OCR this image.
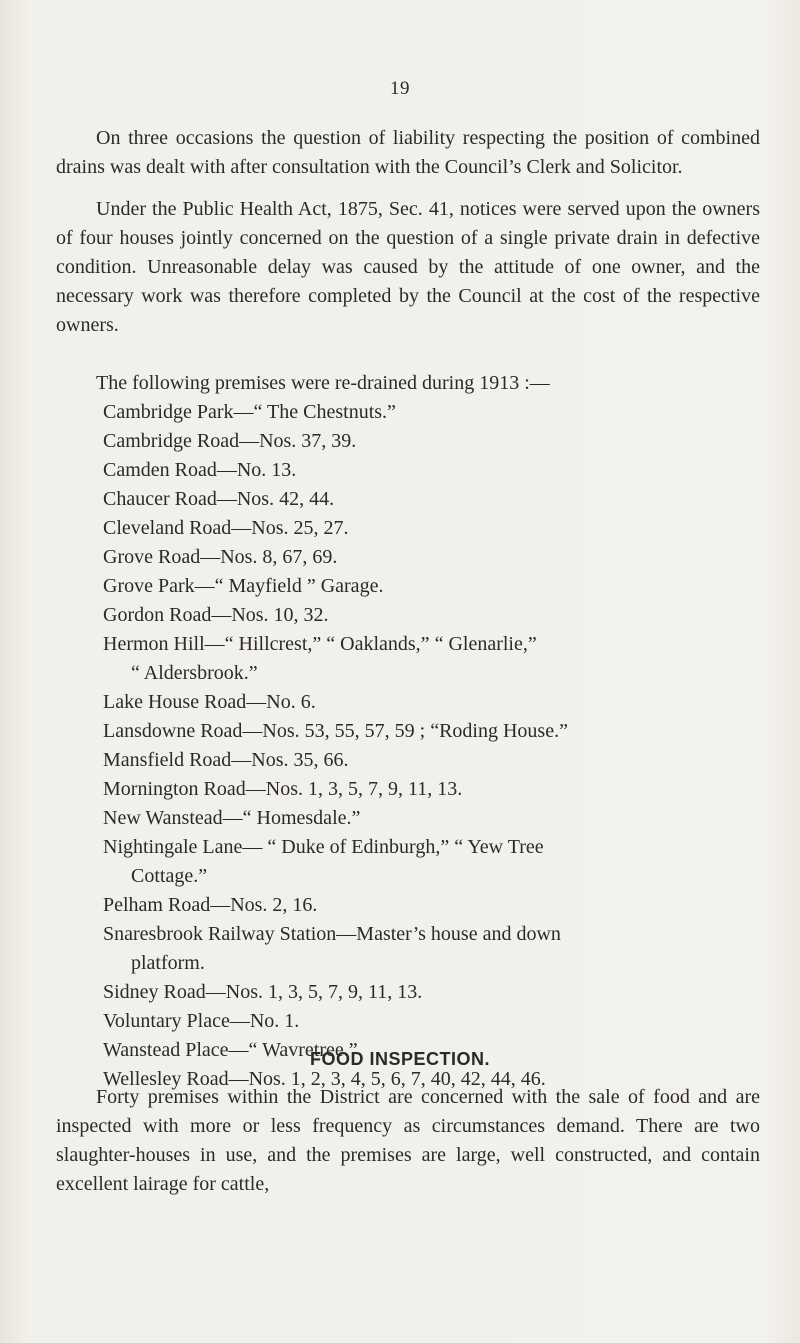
19

On three occasions the question of liability respecting the position of combined drains was dealt with after consultation with the Council’s Clerk and Solicitor.

Under the Public Health Act, 1875, Sec. 41, notices were served upon the owners of four houses jointly concerned on the question of a single private drain in defective condition. Unreasonable delay was caused by the attitude of one owner, and the necessary work was therefore completed by the Council at the cost of the respective owners.

The following premises were re-drained during 1913 :—

Cambridge Park—“ The Chestnuts.”
Cambridge Road—Nos. 37, 39.
Camden Road—No. 13.
Chaucer Road—Nos. 42, 44.
Cleveland Road—Nos. 25, 27.
Grove Road—Nos. 8, 67, 69.
Grove Park—“ Mayfield ” Garage.
Gordon Road—Nos. 10, 32.
Hermon Hill—“ Hillcrest,” “ Oaklands,” “ Glenarlie,”
“ Aldersbrook.”
Lake House Road—No. 6.
Lansdowne Road—Nos. 53, 55, 57, 59 ; “Roding House.”
Mansfield Road—Nos. 35, 66.
Mornington Road—Nos. 1, 3, 5, 7, 9, 11, 13.
New Wanstead—“ Homesdale.”
Nightingale Lane— “ Duke of Edinburgh,” “ Yew Tree
Cottage.”
Pelham Road—Nos. 2, 16.
Snaresbrook Railway Station—Master’s house and down
platform.
Sidney Road—Nos. 1, 3, 5, 7, 9, 11, 13.
Voluntary Place—No. 1.
Wanstead Place—“ Wavretree.”
Wellesley Road—Nos. 1, 2, 3, 4, 5, 6, 7, 40, 42, 44, 46.
FOOD INSPECTION.

Forty premises within the District are concerned with the sale of food and are inspected with more or less frequency as circumstances demand. There are two slaughter-houses in use, and the premises are large, well constructed, and contain excellent lairage for cattle,
